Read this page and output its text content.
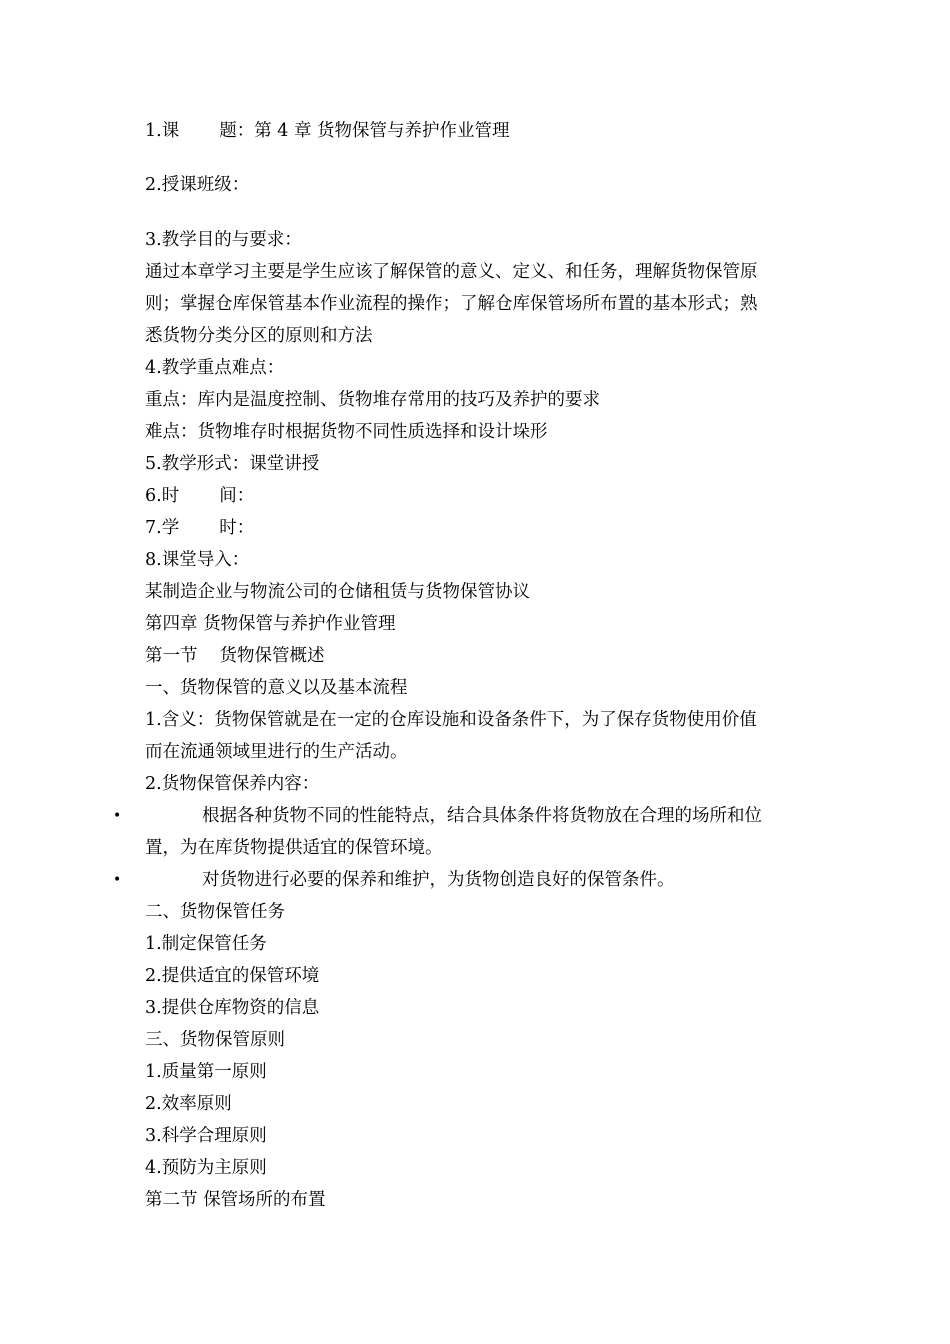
1.课 题：第 4 章 货物保管与养护作业管理
2.授课班级：
3.教学目的与要求：
通过本章学习主要是学生应该了解保管的意义、定义、和任务，理解货物保管原
则；掌握仓库保管基本作业流程的操作；了解仓库保管场所布置的基本形式；熟
悉货物分类分区的原则和方法
4.教学重点难点：
重点：库内是温度控制、货物堆存常用的技巧及养护的要求
难点：货物堆存时根据货物不同性质选择和设计垛形
5.教学形式：课堂讲授
6.时 间：
7.学 时：
8.课堂导入：
某制造企业与物流公司的仓储租赁与货物保管协议
第四章 货物保管与养护作业管理
第一节 货物保管概述
一、货物保管的意义以及基本流程
1.含义：货物保管就是在一定的仓库设施和设备条件下，为了保存货物使用价值
而在流通领域里进行的生产活动。
2.货物保管保养内容：
•	根据各种货物不同的性能特点，结合具体条件将货物放在合理的场所和位
置，为在库货物提供适宜的保管环境。
•	对货物进行必要的保养和维护，为货物创造良好的保管条件。
二、货物保管任务
1.制定保管任务
2.提供适宜的保管环境
3.提供仓库物资的信息
三、货物保管原则
1.质量第一原则
2.效率原则
3.科学合理原则
4.预防为主原则
第二节 保管场所的布置
